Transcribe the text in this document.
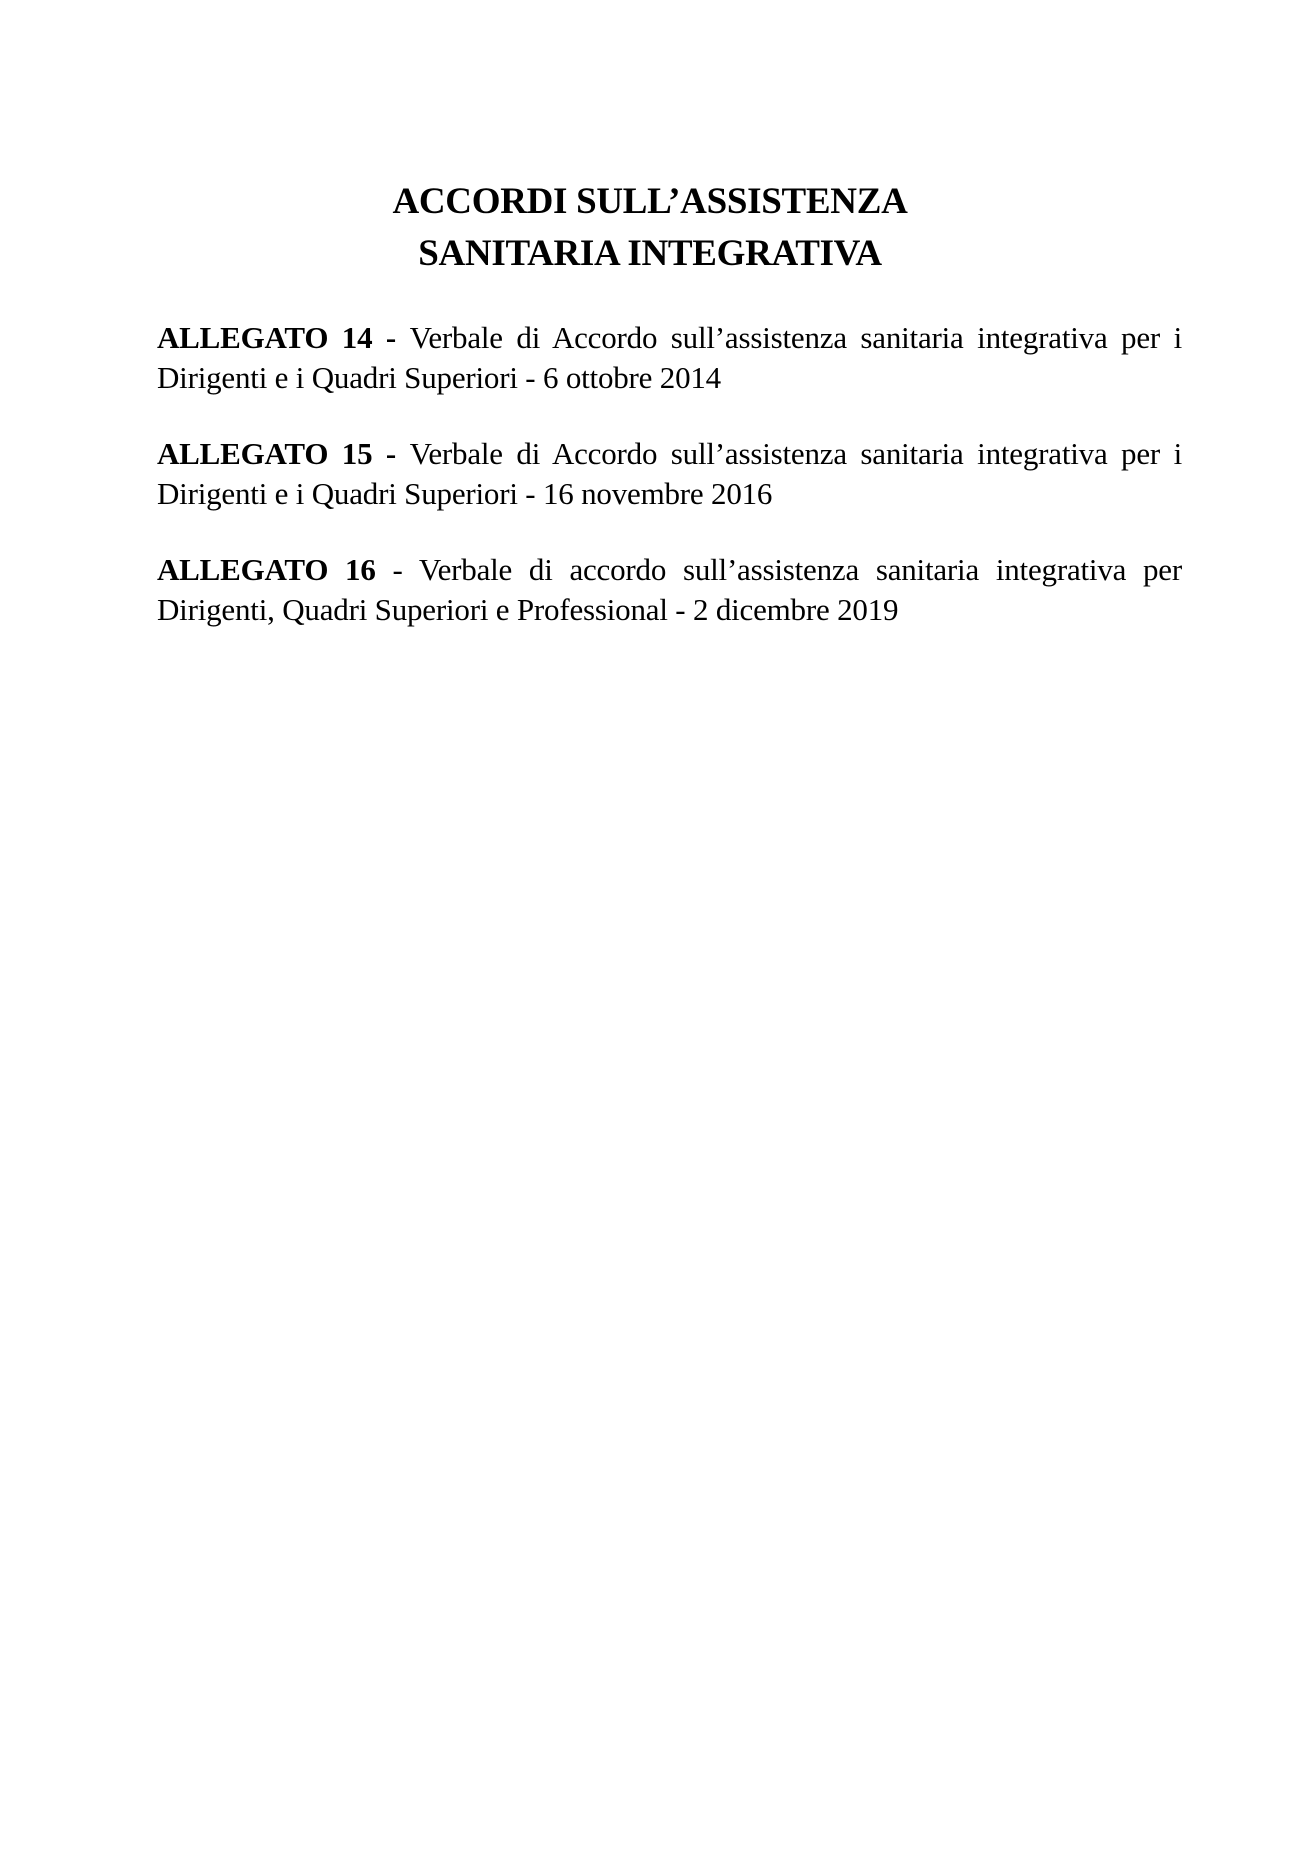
ACCORDI SULL’ASSISTENZA
SANITARIA INTEGRATIVA

ALLEGATO 14 - Verbale di Accordo sull’assistenza sanitaria integrativa per i Dirigenti e i Quadri Superiori - 6 ottobre 2014

ALLEGATO 15 - Verbale di Accordo sull’assistenza sanitaria integrativa per i Dirigenti e i Quadri Superiori - 16 novembre 2016

ALLEGATO 16 - Verbale di accordo sull’assistenza sanitaria integrativa per Dirigenti, Quadri Superiori e Professional - 2 dicembre 2019
